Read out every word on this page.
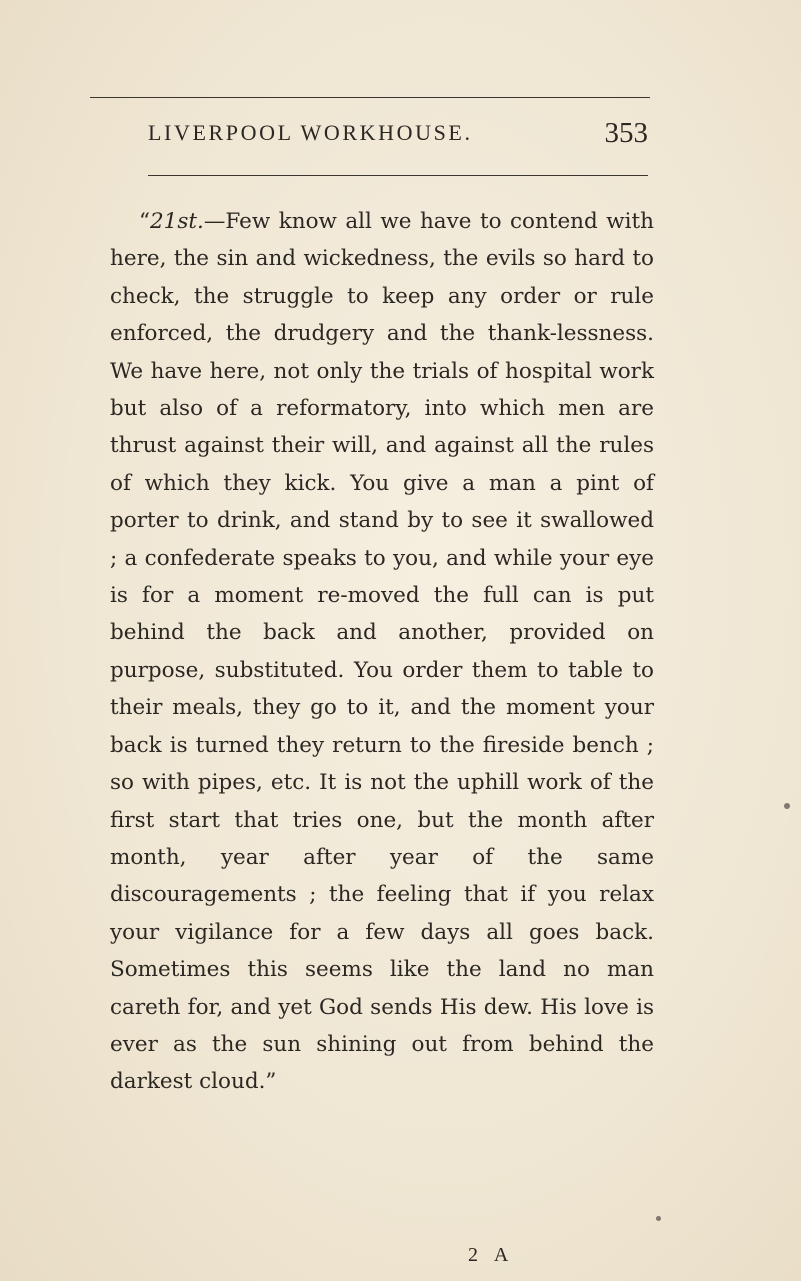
LIVERPOOL WORKHOUSE.	353

“21st.—Few know all we have to contend with here, the sin and wickedness, the evils so hard to check, the struggle to keep any order or rule enforced, the drudgery and the thank-lessness. We have here, not only the trials of hospital work but also of a reformatory, into which men are thrust against their will, and against all the rules of which they kick. You give a man a pint of porter to drink, and stand by to see it swallowed ; a confederate speaks to you, and while your eye is for a moment re-moved the full can is put behind the back and another, provided on purpose, substituted. You order them to table to their meals, they go to it, and the moment your back is turned they return to the fireside bench ; so with pipes, etc. It is not the uphill work of the first start that tries one, but the month after month, year after year of the same discouragements ; the feeling that if you relax your vigilance for a few days all goes back. Sometimes this seems like the land no man careth for, and yet God sends His dew. His love is ever as the sun shining out from behind the darkest cloud.”

2 A
